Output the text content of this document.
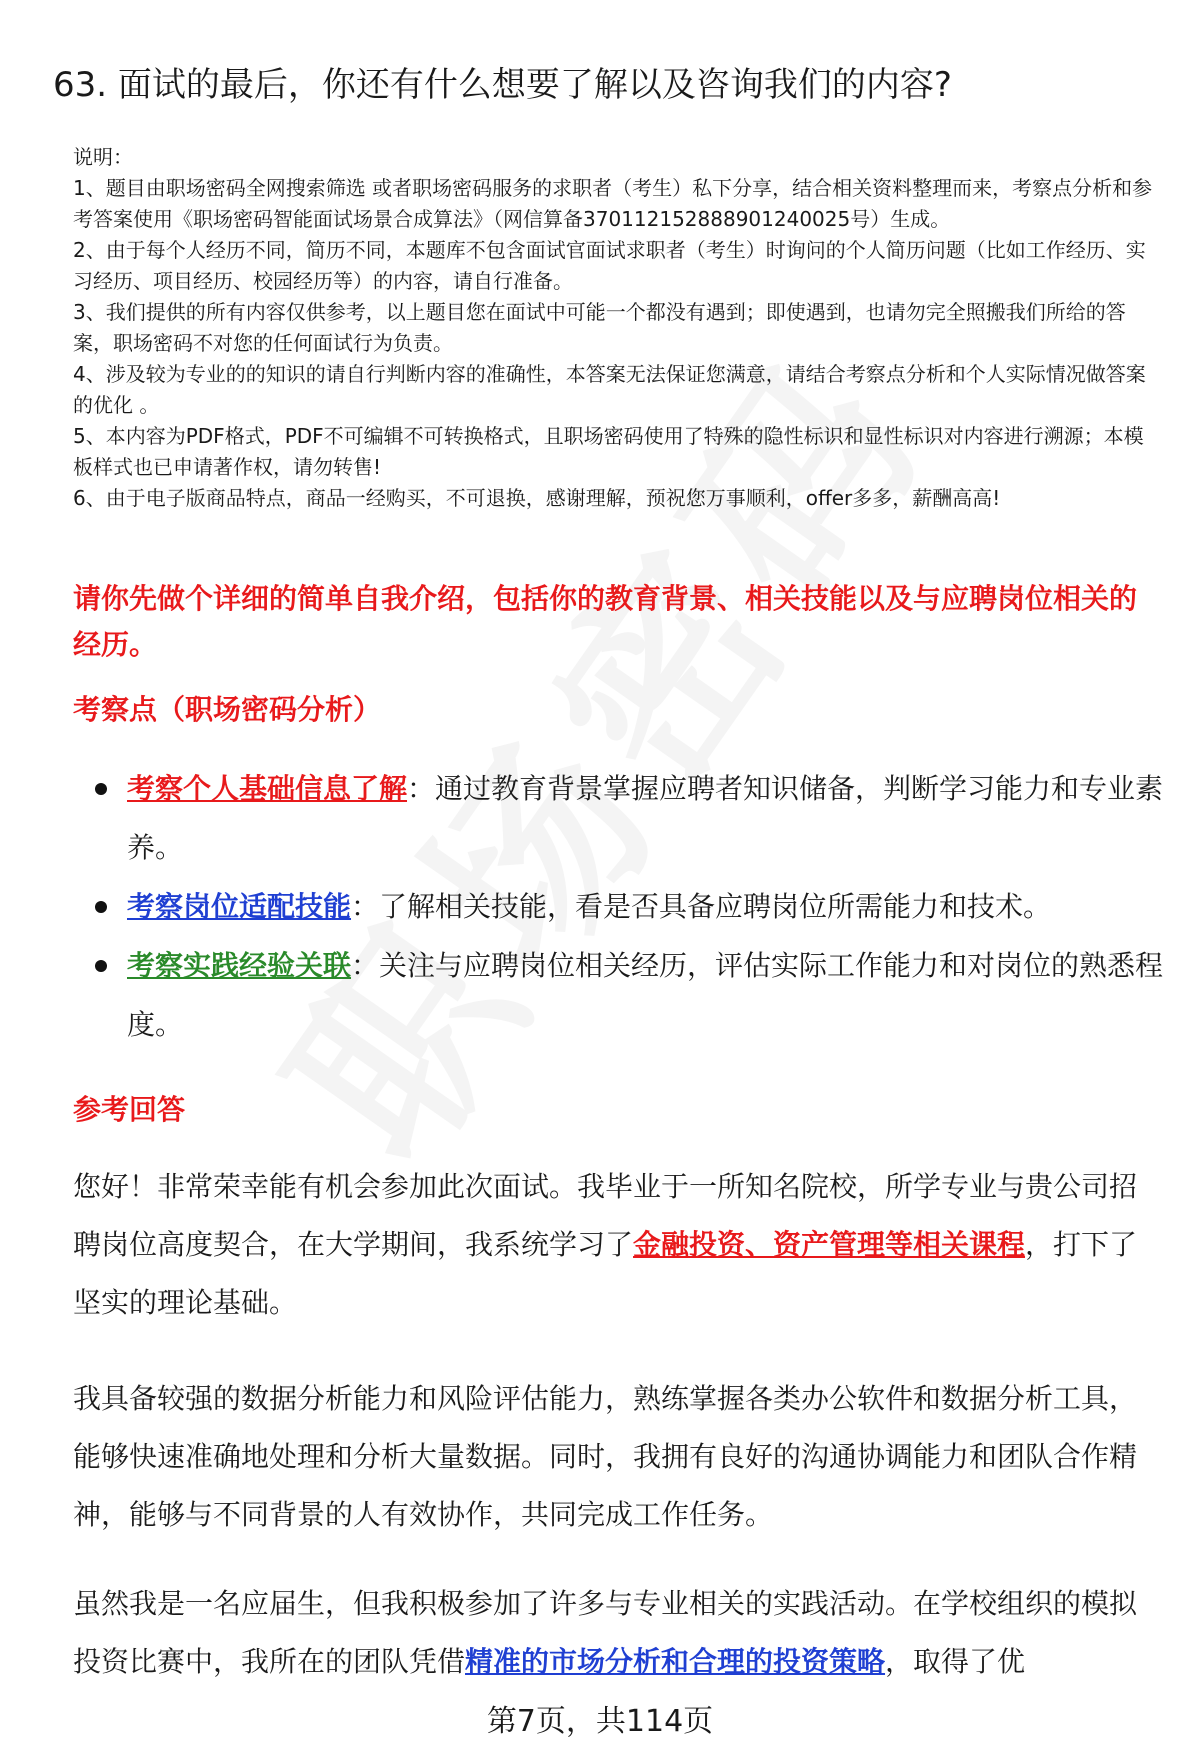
63. 面试的最后，你还有什么想要了解以及咨询我们的内容?
说明：
1、题目由职场密码全网搜索筛选 或者职场密码服务的求职者（考生）私下分享，结合相关资料整理而来，考察点分析和参考答案使用《职场密码智能面试场景合成算法》（网信算备370112152888901240025号）生成。
2、由于每个人经历不同，简历不同，本题库不包含面试官面试求职者（考生）时询问的个人简历问题（比如工作经历、实习经历、项目经历、校园经历等）的内容，请自行准备。
3、我们提供的所有内容仅供参考，以上题目您在面试中可能一个都没有遇到；即使遇到，也请勿完全照搬我们所给的答案，职场密码不对您的任何面试行为负责。
4、涉及较为专业的的知识的请自行判断内容的准确性，本答案无法保证您满意，请结合考察点分析和个人实际情况做答案的优化 。
5、本内容为PDF格式，PDF不可编辑不可转换格式，且职场密码使用了特殊的隐性标识和显性标识对内容进行溯源；本模板样式也已申请著作权，请勿转售!
6、由于电子版商品特点，商品一经购买，不可退换，感谢理解，预祝您万事顺利，offer多多，薪酬高高!
请你先做个详细的简单自我介绍，包括你的教育背景、相关技能以及与应聘岗位相关的经历。
考察点（职场密码分析）
考察个人基础信息了解：通过教育背景掌握应聘者知识储备，判断学习能力和专业素养。
考察岗位适配技能：了解相关技能，看是否具备应聘岗位所需能力和技术。
考察实践经验关联：关注与应聘岗位相关经历，评估实际工作能力和对岗位的熟悉程度。
参考回答
您好！非常荣幸能有机会参加此次面试。我毕业于一所知名院校，所学专业与贵公司招聘岗位高度契合，在大学期间，我系统学习了金融投资、资产管理等相关课程，打下了坚实的理论基础。
我具备较强的数据分析能力和风险评估能力，熟练掌握各类办公软件和数据分析工具，能够快速准确地处理和分析大量数据。同时，我拥有良好的沟通协调能力和团队合作精神，能够与不同背景的人有效协作，共同完成工作任务。
虽然我是一名应届生，但我积极参加了许多与专业相关的实践活动。在学校组织的模拟投资比赛中，我所在的团队凭借精准的市场分析和合理的投资策略，取得了优
第7页，共114页
